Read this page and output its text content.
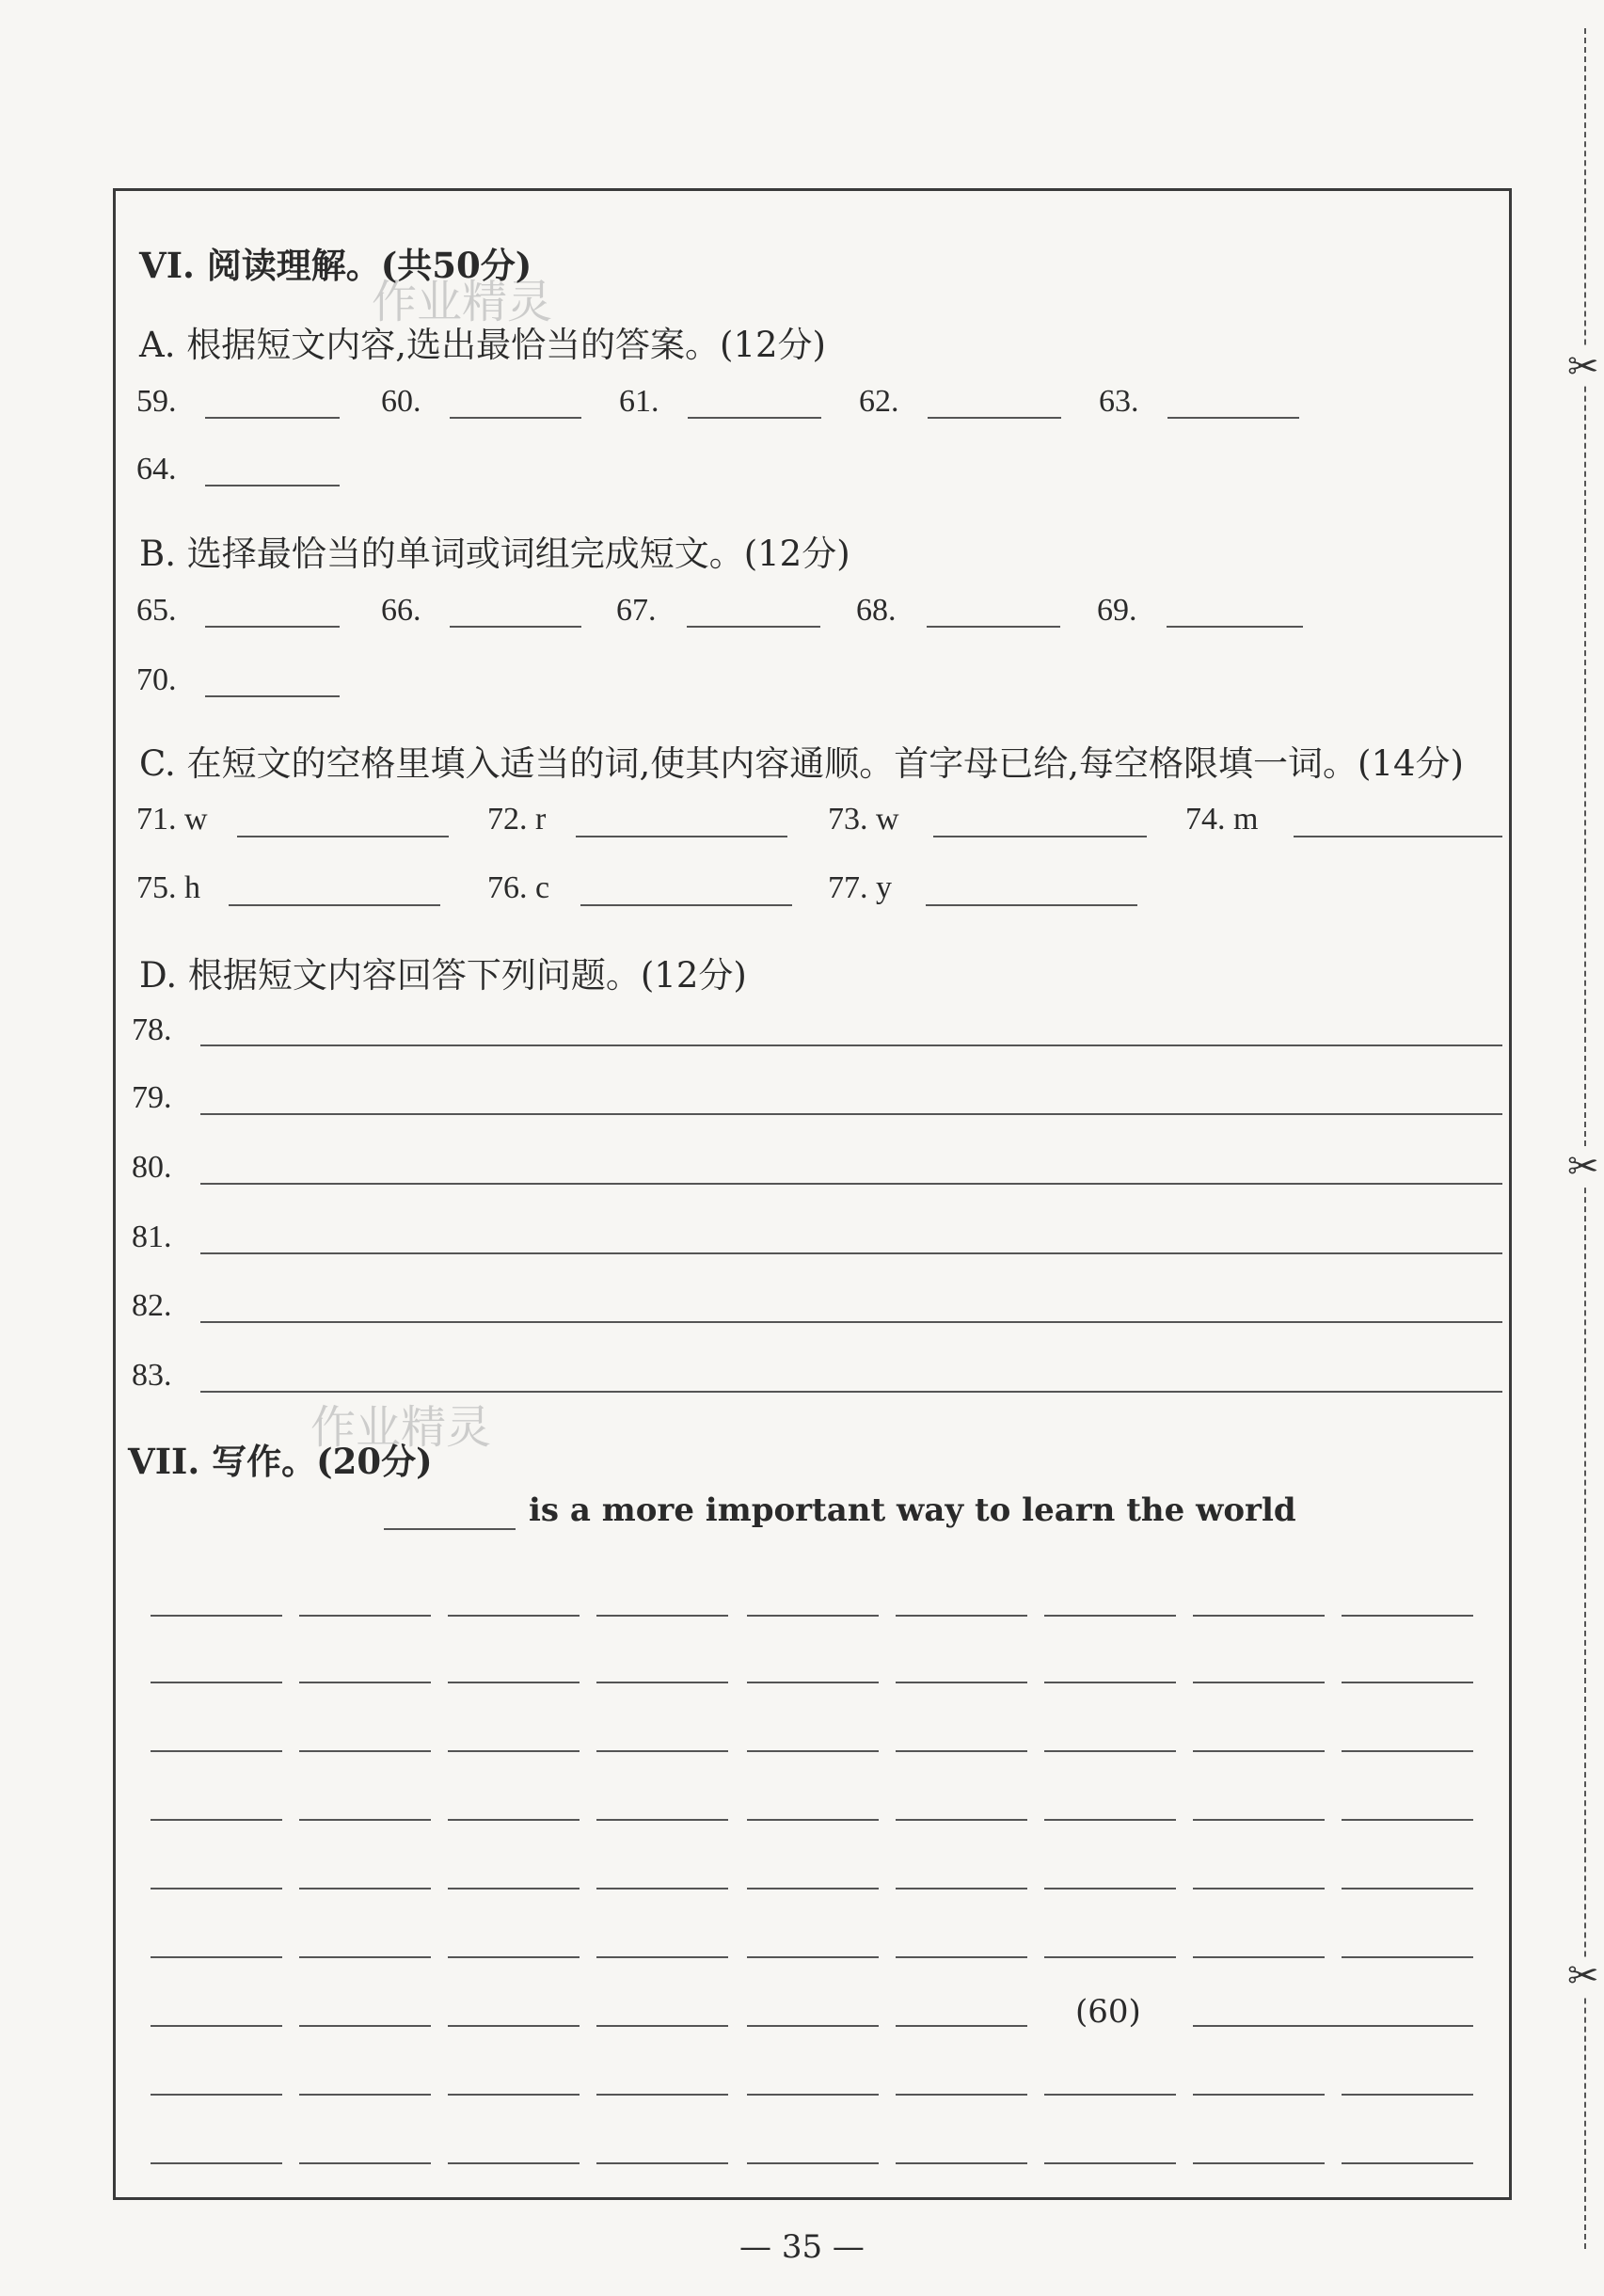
✂
✂
✂
作业精灵
作业精灵
VI. 阅读理解。(共50分)
A. 根据短文内容,选出最恰当的答案。(12分)
59.	60.	61.	62.	63.
64.
B. 选择最恰当的单词或词组完成短文。(12分)
65.	66.	67.	68.	69.
70.
C. 在短文的空格里填入适当的词,使其内容通顺。首字母已给,每空格限填一词。(14分)
71. w	72. r	73. w	74. m
75. h	76. c	77. y
D. 根据短文内容回答下列问题。(12分)
78.
79.
80.
81.
82.
83.
VII. 写作。(20分)
is a more important way to learn the world
(60)
— 35 —
